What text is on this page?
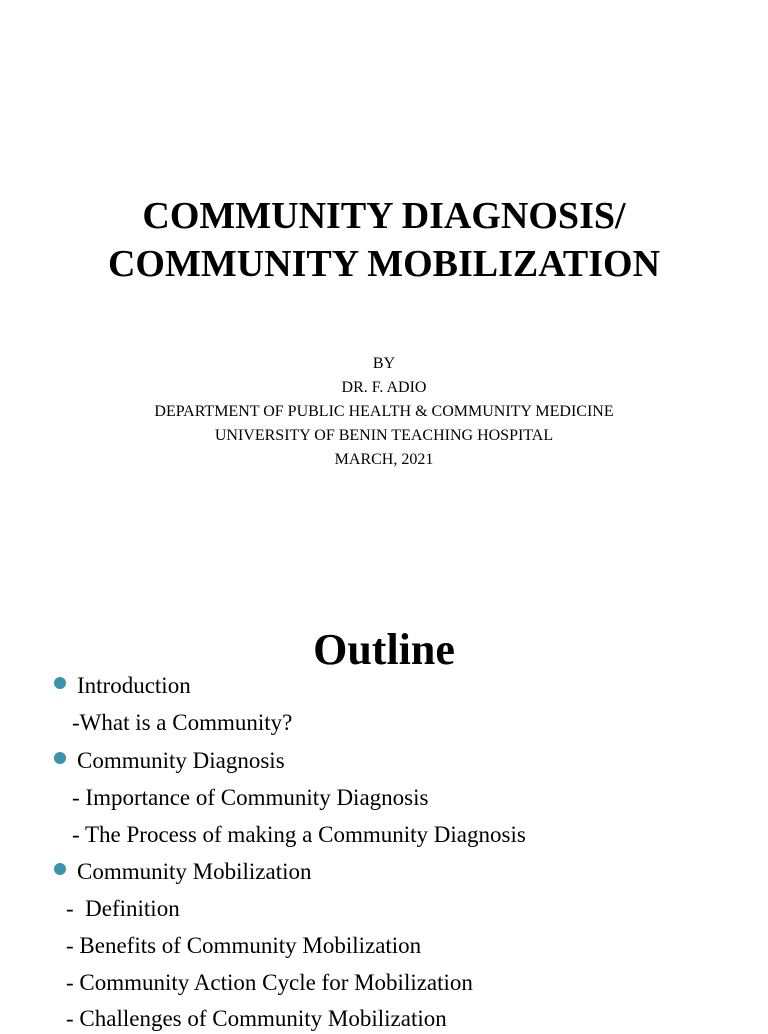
COMMUNITY DIAGNOSIS/
COMMUNITY MOBILIZATION
BY
DR. F. ADIO
DEPARTMENT OF PUBLIC HEALTH & COMMUNITY MEDICINE
UNIVERSITY OF BENIN TEACHING HOSPITAL
MARCH, 2021
Outline
Introduction
-What is a Community?
Community Diagnosis
- Importance of Community Diagnosis
- The Process of making a Community Diagnosis
Community Mobilization
-  Definition
- Benefits of Community Mobilization
- Community Action Cycle for Mobilization
- Challenges of Community Mobilization
